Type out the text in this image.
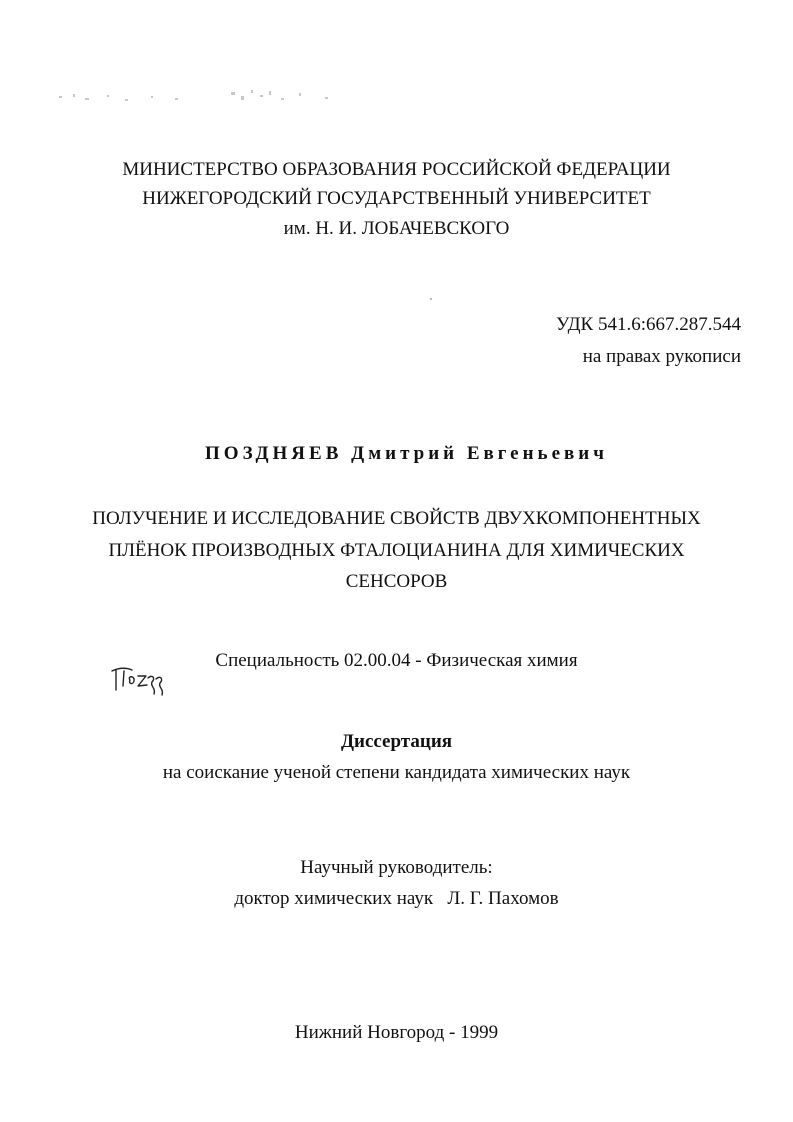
МИНИСТЕРСТВО ОБРАЗОВАНИЯ РОССИЙСКОЙ ФЕДЕРАЦИИ
НИЖЕГОРОДСКИЙ ГОСУДАРСТВЕННЫЙ УНИВЕРСИТЕТ
им. Н. И. ЛОБАЧЕВСКОГО
УДК 541.6:667.287.544
на правах рукописи
ПОЗДНЯЕВ Дмитрий Евгеньевич
ПОЛУЧЕНИЕ И ИССЛЕДОВАНИЕ СВОЙСТВ ДВУХКОМПОНЕНТНЫХ
ПЛЁНОК ПРОИЗВОДНЫХ ФТАЛОЦИАНИНА ДЛЯ ХИМИЧЕСКИХ
СЕНСОРОВ
Специальность 02.00.04 - Физическая химия
Диссертация
на соискание ученой степени кандидата химических наук
Научный руководитель:
доктор химических наук   Л. Г. Пахомов
Нижний Новгород - 1999
